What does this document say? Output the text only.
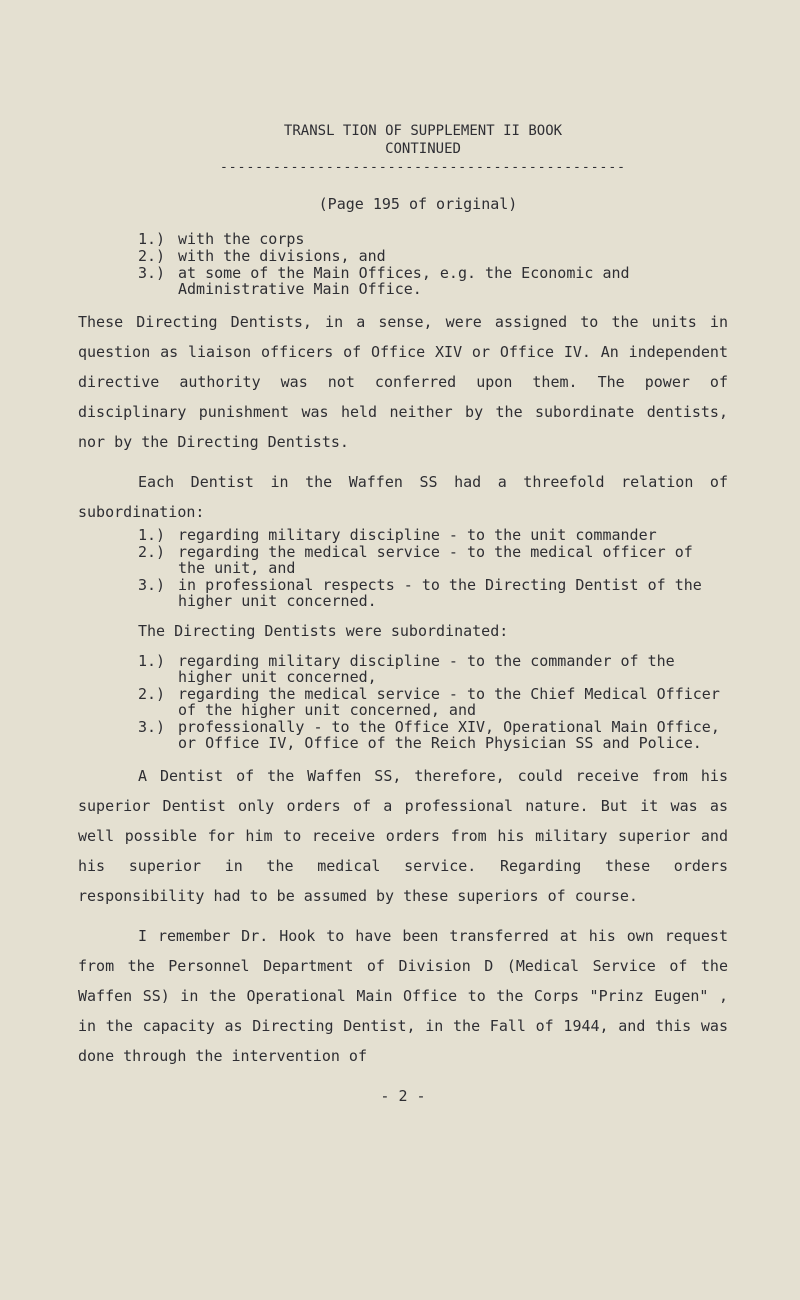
TRANSL TION OF SUPPLEMENT II BOOK
CONTINUED
----------------------------------------------
(Page 195 of original)
1.) with the corps
2.) with the divisions, and
3.) at some of the Main Offices, e.g. the Economic and Administrative Main Office.

These Directing Dentists, in a sense, were assigned to the units in question as liaison officers of Office XIV or Office IV. An independent directive authority was not conferred upon them. The power of disciplinary punishment was held neither by the subordinate dentists, nor by the Directing Dentists.

Each Dentist in the Waffen SS had a threefold relation of subordination:

1.) regarding military discipline - to the unit commander
2.) regarding the medical service - to the medical officer of the unit, and
3.) in professional respects - to the Directing Dentist of the higher unit concerned.

The Directing Dentists were subordinated:

1.) regarding military discipline - to the commander of the higher unit concerned,
2.) regarding the medical service - to the Chief Medical Officer of the higher unit concerned, and
3.) professionally - to the Office XIV, Operational Main Office, or Office IV, Office of the Reich Physician SS and Police.

A Dentist of the Waffen SS, therefore, could receive from his superior Dentist only orders of a professional nature. But it was as well possible for him to receive orders from his military superior and his superior in the medical service. Regarding these orders responsibility had to be assumed by these superiors of course.

I remember Dr. Hook to have been transferred at his own request from the Personnel Department of Division D (Medical Service of the Waffen SS) in the Operational Main Office to the Corps "Prinz Eugen" , in the capacity as Directing Dentist, in the Fall of 1944, and this was done through the intervention of

- 2 -
